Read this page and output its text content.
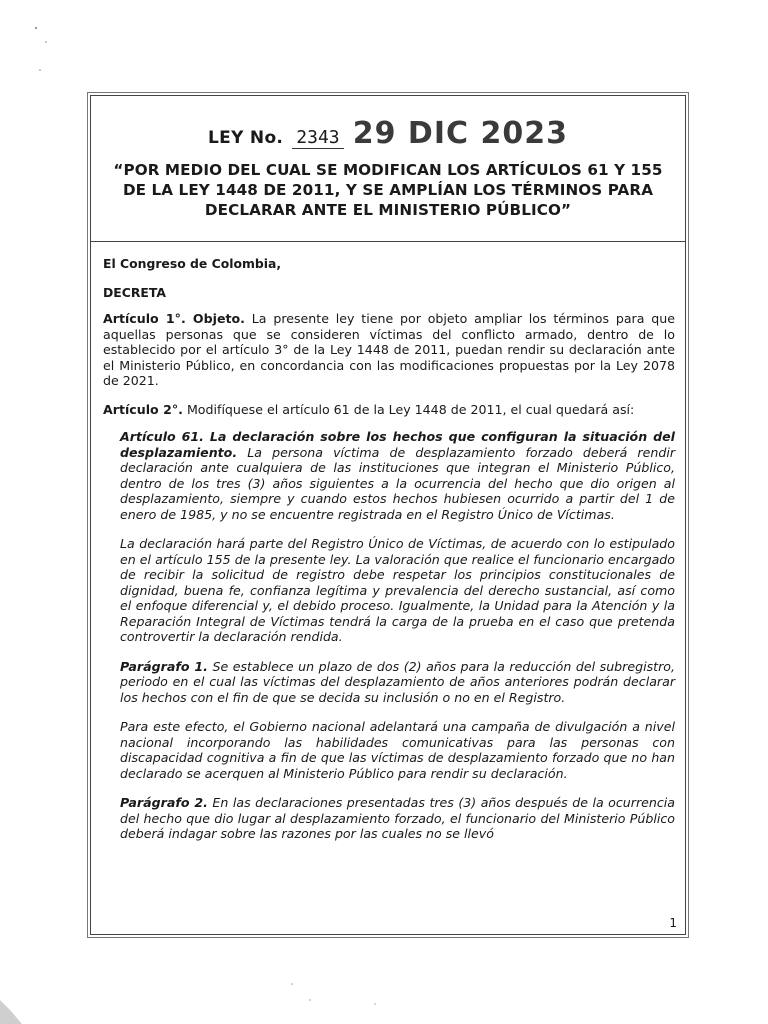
LEY No. 2343 29 DIC 2023
“POR MEDIO DEL CUAL SE MODIFICAN LOS ARTÍCULOS 61 Y 155 DE LA LEY 1448 DE 2011, Y SE AMPLÍAN LOS TÉRMINOS PARA DECLARAR ANTE EL MINISTERIO PÚBLICO”

El Congreso de Colombia,

DECRETA

Artículo 1°. Objeto. La presente ley tiene por objeto ampliar los términos para que aquellas personas que se consideren víctimas del conflicto armado, dentro de lo establecido por el artículo 3° de la Ley 1448 de 2011, puedan rendir su declaración ante el Ministerio Público, en concordancia con las modificaciones propuestas por la Ley 2078 de 2021.

Artículo 2°. Modifíquese el artículo 61 de la Ley 1448 de 2011, el cual quedará así:

Artículo 61. La declaración sobre los hechos que configuran la situación del desplazamiento. La persona víctima de desplazamiento forzado deberá rendir declaración ante cualquiera de las instituciones que integran el Ministerio Público, dentro de los tres (3) años siguientes a la ocurrencia del hecho que dio origen al desplazamiento, siempre y cuando estos hechos hubiesen ocurrido a partir del 1 de enero de 1985, y no se encuentre registrada en el Registro Único de Víctimas.

La declaración hará parte del Registro Único de Víctimas, de acuerdo con lo estipulado en el artículo 155 de la presente ley. La valoración que realice el funcionario encargado de recibir la solicitud de registro debe respetar los principios constitucionales de dignidad, buena fe, confianza legítima y prevalencia del derecho sustancial, así como el enfoque diferencial y, el debido proceso. Igualmente, la Unidad para la Atención y la Reparación Integral de Víctimas tendrá la carga de la prueba en el caso que pretenda controvertir la declaración rendida.

Parágrafo 1. Se establece un plazo de dos (2) años para la reducción del subregistro, periodo en el cual las víctimas del desplazamiento de años anteriores podrán declarar los hechos con el fin de que se decida su inclusión o no en el Registro.

Para este efecto, el Gobierno nacional adelantará una campaña de divulgación a nivel nacional incorporando las habilidades comunicativas para las personas con discapacidad cognitiva a fin de que las víctimas de desplazamiento forzado que no han declarado se acerquen al Ministerio Público para rendir su declaración.

Parágrafo 2. En las declaraciones presentadas tres (3) años después de la ocurrencia del hecho que dio lugar al desplazamiento forzado, el funcionario del Ministerio Público deberá indagar sobre las razones por las cuales no se llevó

1
